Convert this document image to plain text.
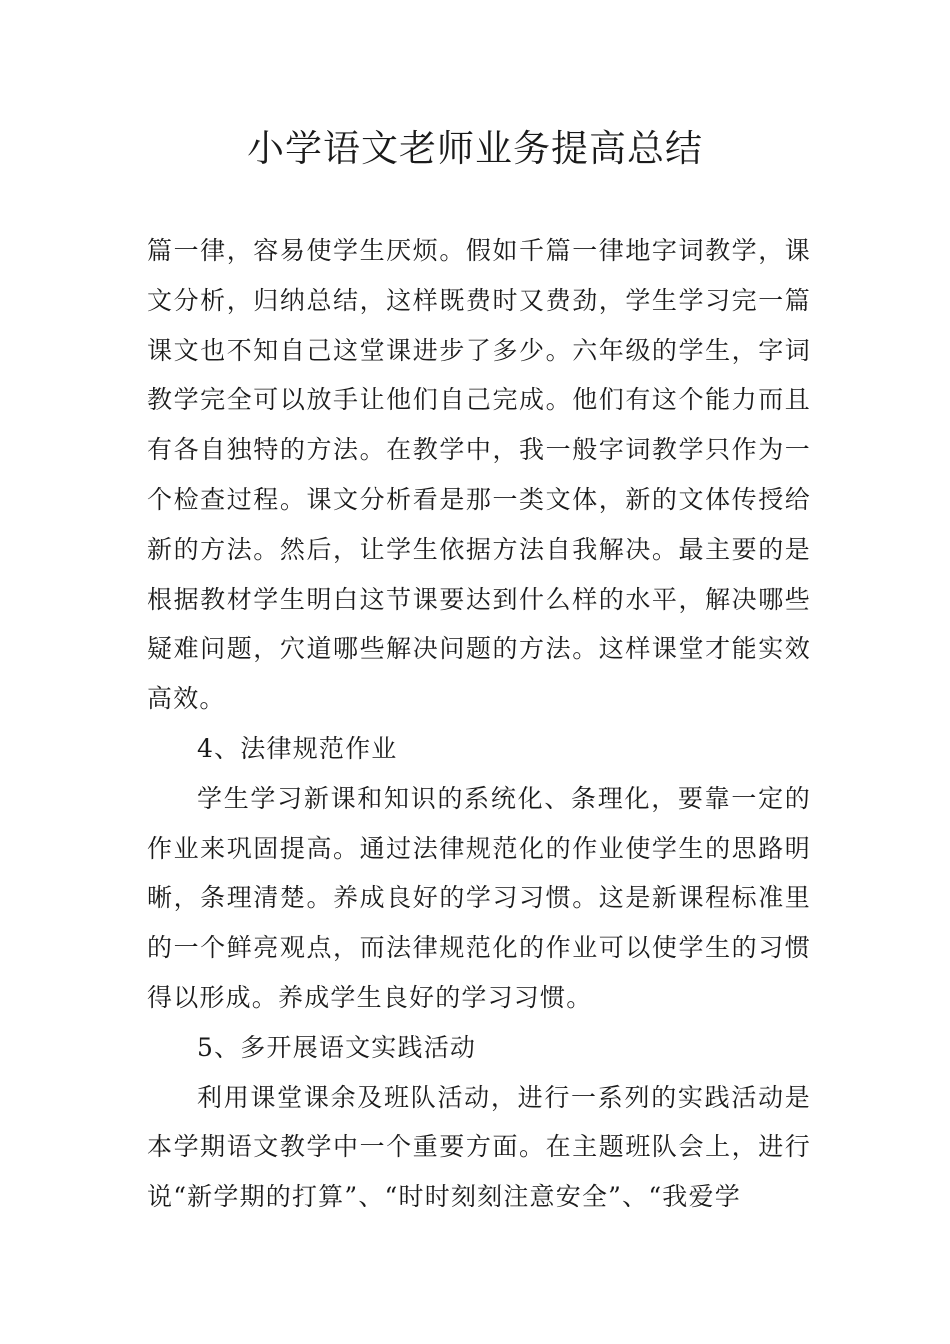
小学语文老师业务提高总结

篇一律，容易使学生厌烦。假如千篇一律地字词教学，课文分析，归纳总结，这样既费时又费劲，学生学习完一篇课文也不知自己这堂课进步了多少。六年级的学生，字词教学完全可以放手让他们自己完成。他们有这个能力而且有各自独特的方法。在教学中，我一般字词教学只作为一个检查过程。课文分析看是那一类文体，新的文体传授给新的方法。然后，让学生依据方法自我解决。最主要的是根据教材学生明白这节课要达到什么样的水平，解决哪些疑难问题，穴道哪些解决问题的方法。这样课堂才能实效高效。

4、法律规范作业

学生学习新课和知识的系统化、条理化，要靠一定的作业来巩固提高。通过法律规范化的作业使学生的思路明晰，条理清楚。养成良好的学习习惯。这是新课程标准里的一个鲜亮观点，而法律规范化的作业可以使学生的习惯得以形成。养成学生良好的学习习惯。

5、多开展语文实践活动

利用课堂课余及班队活动，进行一系列的实践活动是本学期语文教学中一个重要方面。在主题班队会上，进行说“新学期的打算”、“时时刻刻注意安全”、“我爱学
